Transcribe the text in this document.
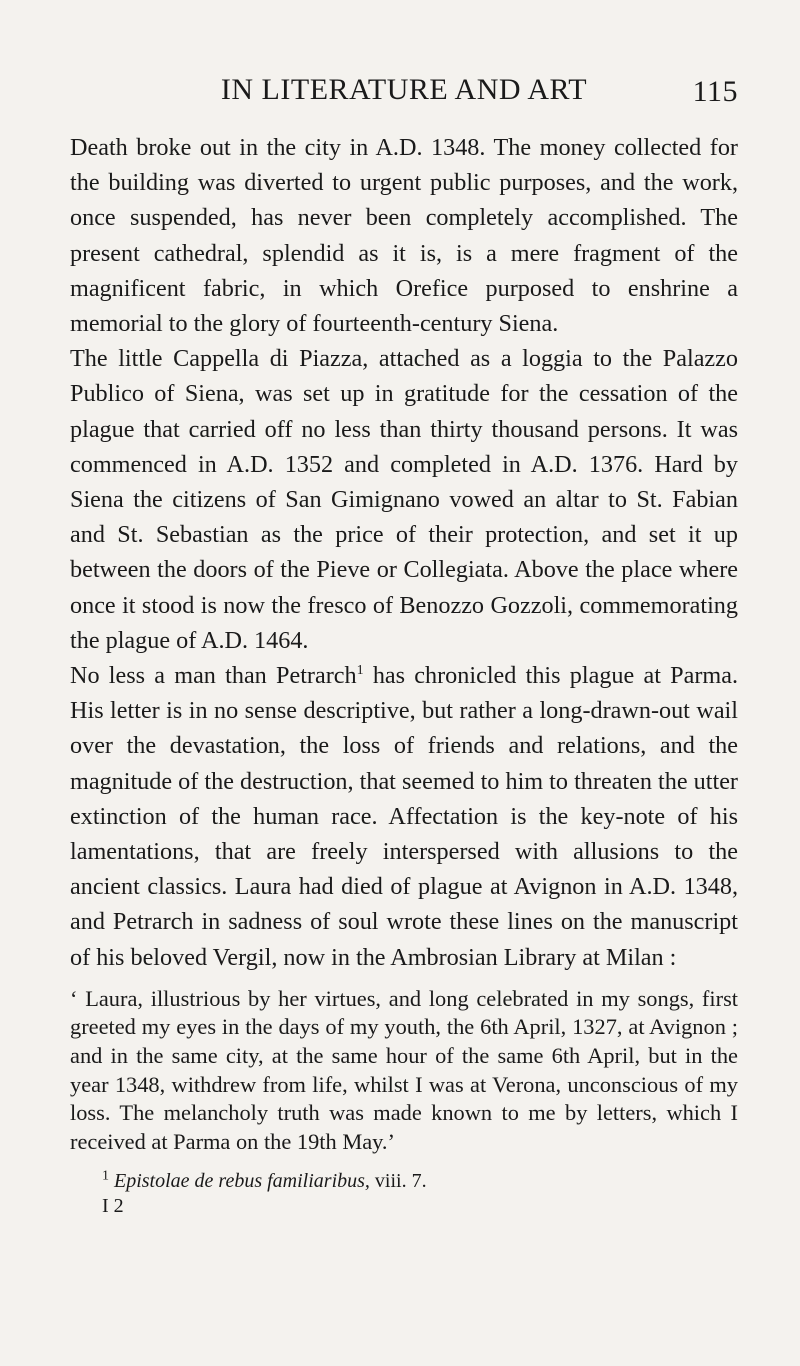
IN LITERATURE AND ART	115

Death broke out in the city in A.D. 1348. The money collected for the building was diverted to urgent public purposes, and the work, once suspended, has never been completely accomplished. The present cathedral, splendid as it is, is a mere fragment of the magnificent fabric, in which Orefice purposed to enshrine a memorial to the glory of fourteenth-century Siena.

The little Cappella di Piazza, attached as a loggia to the Palazzo Publico of Siena, was set up in gratitude for the cessation of the plague that carried off no less than thirty thousand persons. It was commenced in A.D. 1352 and completed in A.D. 1376. Hard by Siena the citizens of San Gimignano vowed an altar to St. Fabian and St. Sebastian as the price of their protection, and set it up between the doors of the Pieve or Collegiata. Above the place where once it stood is now the fresco of Benozzo Gozzoli, commemorating the plague of A.D. 1464.

No less a man than Petrarch$^1$ has chronicled this plague at Parma. His letter is in no sense descriptive, but rather a long-drawn-out wail over the devastation, the loss of friends and relations, and the magnitude of the destruction, that seemed to him to threaten the utter extinction of the human race. Affectation is the key-note of his lamentations, that are freely interspersed with allusions to the ancient classics. Laura had died of plague at Avignon in A.D. 1348, and Petrarch in sadness of soul wrote these lines on the manuscript of his beloved Vergil, now in the Ambrosian Library at Milan :

‘ Laura, illustrious by her virtues, and long celebrated in my songs, first greeted my eyes in the days of my youth, the 6th April, 1327, at Avignon ; and in the same city, at the same hour of the same 6th April, but in the year 1348, withdrew from life, whilst I was at Verona, unconscious of my loss. The melancholy truth was made known to me by letters, which I received at Parma on the 19th May.’
$^1$ Epistolae de rebus familiaribus, viii. 7.
I 2
